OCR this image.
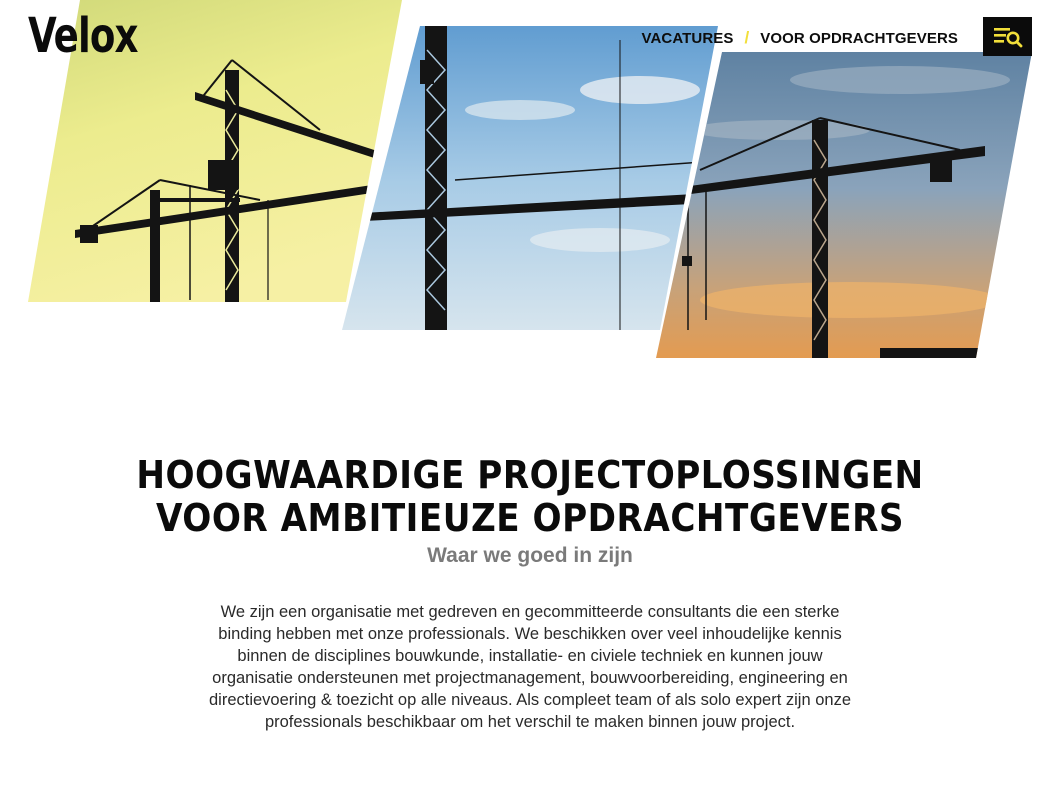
Velox	VACATURES / VOOR OPDRACHTGEVERS
HOOGWAARDIGE PROJECTOPLOSSINGEN
VOOR AMBITIEUZE OPDRACHTGEVERS
Waar we goed in zijn

We zijn een organisatie met gedreven en gecommitteerde consultants die een sterke binding hebben met onze professionals. We beschikken over veel inhoudelijke kennis binnen de disciplines bouwkunde, installatie- en civiele techniek en kunnen jouw organisatie ondersteunen met projectmanagement, bouwvoorbereiding, engineering en directievoering & toezicht op alle niveaus. Als compleet team of als solo expert zijn onze professionals beschikbaar om het verschil te maken binnen jouw project.
